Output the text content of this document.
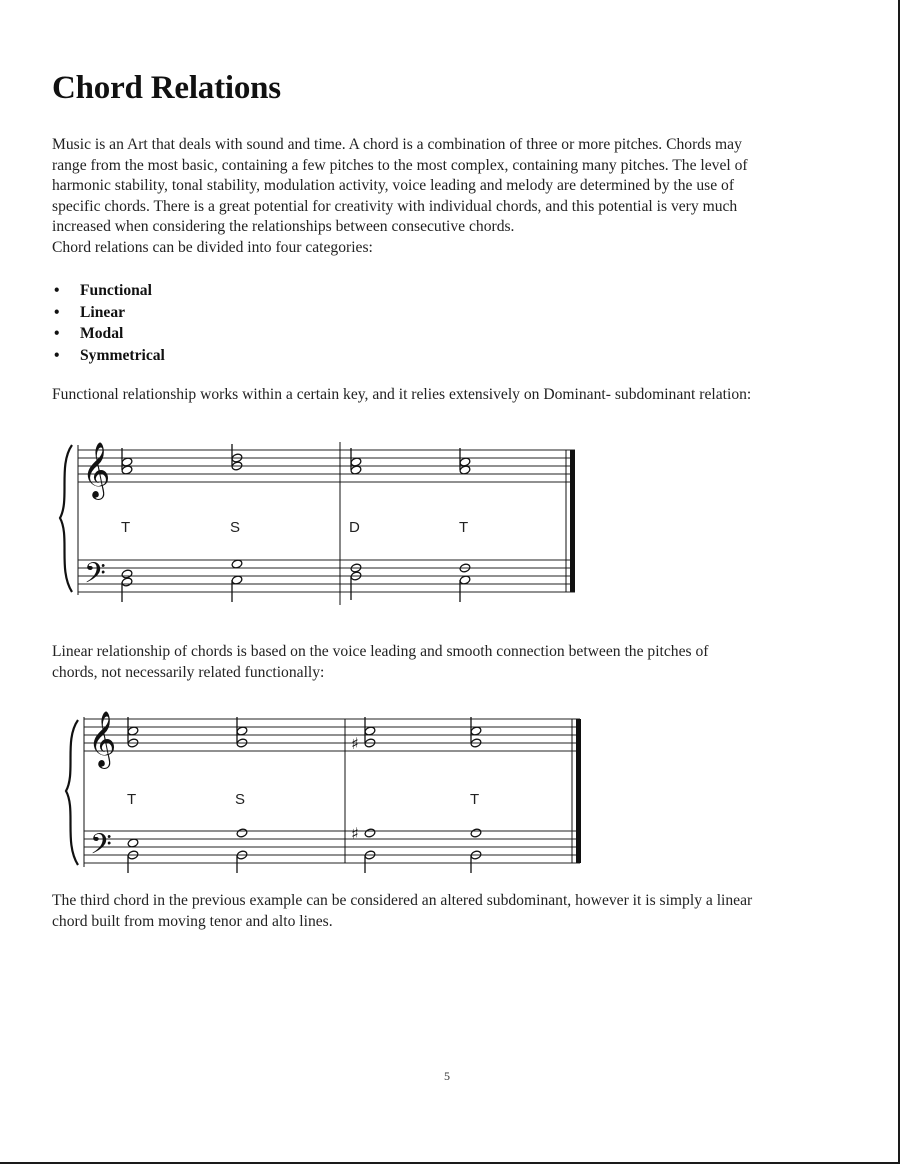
Chord Relations
Music is an Art that deals with sound and time. A chord is a combination of three or more pitches. Chords may
range from the most basic, containing a few pitches to the most complex, containing many pitches. The level of
harmonic stability, tonal stability, modulation activity, voice leading and melody are determined by the use of
specific chords. There is a great potential for creativity with individual chords, and this potential is very much
increased when considering the relationships between consecutive chords.
Chord relations can be divided into four categories:
• Functional
• Linear
• Modal
• Symmetrical

Functional relationship works within a certain key, and it relies extensively on Dominant- subdominant relation:

𝄞
𝄢
T	S	D	T
Linear relationship of chords is based on the voice leading and smooth connection between the pitches of
chords, not necessarily related functionally:
𝄞
𝄢
♯
♯
T	S	T
The third chord in the previous example can be considered an altered subdominant, however it is simply a linear
chord built from moving tenor and alto lines.
5
